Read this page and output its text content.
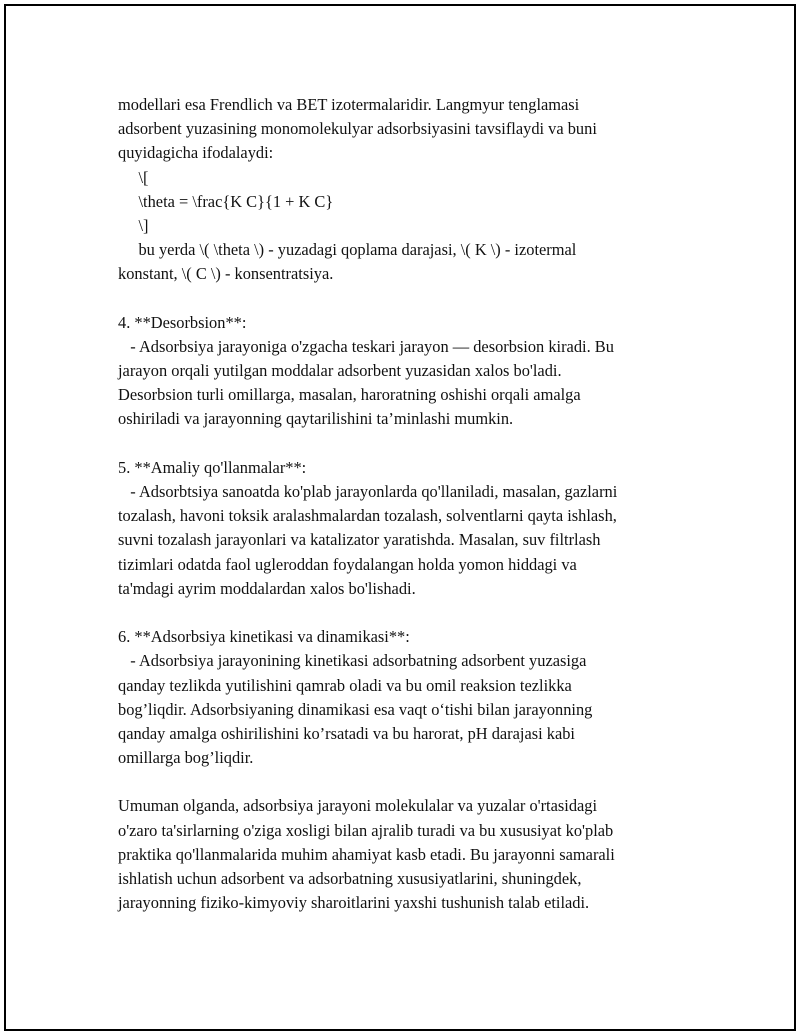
modellari esa Frendlich va BET izotermalaridir. Langmyur tenglamasi
adsorbent yuzasining monomolekulyar adsorbsiyasini tavsiflaydi va buni
quyidagicha ifodalaydi:
\[
\theta = \frac{K C}{1 + K C}
\]
bu yerda \( \theta \) - yuzadagi qoplama darajasi, \( K \) - izotermal
konstant, \( C \) - konsentratsiya.
4. **Desorbsion**:
- Adsorbsiya jarayoniga o'zgacha teskari jarayon — desorbsion kiradi. Bu
jarayon orqali yutilgan moddalar adsorbent yuzasidan xalos bo'ladi.
Desorbsion turli omillarga, masalan, haroratning oshishi orqali amalga
oshiriladi va jarayonning qaytarilishini ta’minlashi mumkin.
5. **Amaliy qo'llanmalar**:
- Adsorbtsiya sanoatda ko'plab jarayonlarda qo'llaniladi, masalan, gazlarni
tozalash, havoni toksik aralashmalardan tozalash, solventlarni qayta ishlash,
suvni tozalash jarayonlari va katalizator yaratishda. Masalan, suv filtrlash
tizimlari odatda faol ugleroddan foydalangan holda yomon hiddagi va
ta'mdagi ayrim moddalardan xalos bo'lishadi.
6. **Adsorbsiya kinetikasi va dinamikasi**:
- Adsorbsiya jarayonining kinetikasi adsorbatning adsorbent yuzasiga
qanday tezlikda yutilishini qamrab oladi va bu omil reaksion tezlikka
bog’liqdir. Adsorbsiyaning dinamikasi esa vaqt o‘tishi bilan jarayonning
qanday amalga oshirilishini ko’rsatadi va bu harorat, pH darajasi kabi
omillarga bog’liqdir.
Umuman olganda, adsorbsiya jarayoni molekulalar va yuzalar o'rtasidagi
o'zaro ta'sirlarning o'ziga xosligi bilan ajralib turadi va bu xususiyat ko'plab
praktika qo'llanmalarida muhim ahamiyat kasb etadi. Bu jarayonni samarali
ishlatish uchun adsorbent va adsorbatning xususiyatlarini, shuningdek,
jarayonning fiziko-kimyoviy sharoitlarini yaxshi tushunish talab etiladi.
